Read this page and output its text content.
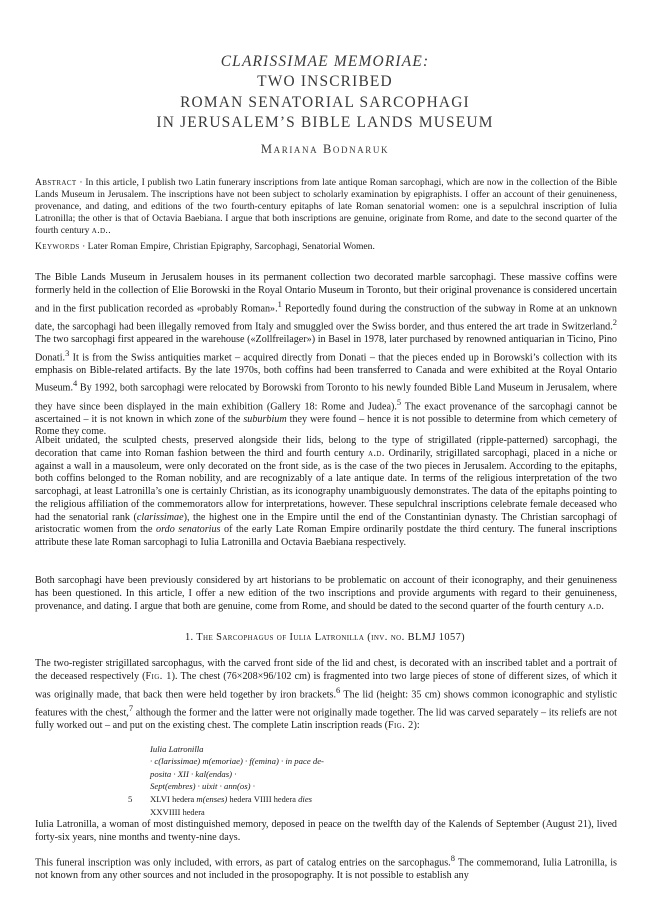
CLARISSIMAE MEMORIAE:
TWO INSCRIBED
ROMAN SENATORIAL SARCOPHAGI
IN JERUSALEM’S BIBLE LANDS MUSEUM
Mariana Bodnaruk
Abstract · In this article, I publish two Latin funerary inscriptions from late antique Roman sarcophagi, which are now in the collection of the Bible Lands Museum in Jerusalem. The inscriptions have not been subject to scholarly examination by epigraphists. I offer an account of their genuineness, provenance, and dating, and editions of the two fourth-century epitaphs of late Roman senatorial women: one is a sepulchral inscription of Iulia Latronilla; the other is that of Octavia Baebiana. I argue that both inscriptions are genuine, originate from Rome, and date to the second quarter of the fourth century a.d..
Keywords · Later Roman Empire, Christian Epigraphy, Sarcophagi, Senatorial Women.

The Bible Lands Museum in Jerusalem houses in its permanent collection two decorated marble sarcophagi. These massive coffins were formerly held in the collection of Elie Borowski in the Royal Ontario Museum in Toronto, but their original provenance is considered uncertain and in the first publication recorded as «probably Roman».$^1$ Reportedly found during the construction of the subway in Rome at an unknown date, the sarcophagi had been illegally removed from Italy and smuggled over the Swiss border, and thus entered the art trade in Switzerland.$^2$ The two sarcophagi first appeared in the warehouse («Zollfreilager») in Basel in 1978, later purchased by renowned antiquarian in Ticino, Pino Donati.$^3$ It is from the Swiss antiquities market – acquired directly from Donati – that the pieces ended up in Borowski’s collection with its emphasis on Bible-related artifacts. By the late 1970s, both coffins had been transferred to Canada and were exhibited at the Royal Ontario Museum.$^4$ By 1992, both sarcophagi were relocated by Borowski from Toronto to his newly founded Bible Land Museum in Jerusalem, where they have since been displayed in the main exhibition (Gallery 18: Rome and Judea).$^5$ The exact provenance of the sarcophagi cannot be ascertained – it is not known in which zone of the suburbium they were found – hence it is not possible to determine from which cemetery of Rome they come.

Albeit undated, the sculpted chests, preserved alongside their lids, belong to the type of strigillated (ripple-patterned) sarcophagi, the decoration that came into Roman fashion between the third and fourth century a.d. Ordinarily, strigillated sarcophagi, placed in a niche or against a wall in a mausoleum, were only decorated on the front side, as is the case of the two pieces in Jerusalem. According to the epitaphs, both coffins belonged to the Roman nobility, and are recognizably of a late antique date. In terms of the religious interpretation of the two sarcophagi, at least Latronilla’s one is certainly Christian, as its iconography unambiguously demonstrates. The data of the epitaphs pointing to the religious affiliation of the commemorators allow for interpretations, however. These sepulchral inscriptions celebrate female deceased who had the senatorial rank (clarissimae), the highest one in the Empire until the end of the Constantinian dynasty. The Christian sarcophagi of aristocratic women from the ordo senatorius of the early Late Roman Empire ordinarily postdate the third century. The funeral inscriptions attribute these late Roman sarcophagi to Iulia Latronilla and Octavia Baebiana respectively.

Both sarcophagi have been previously considered by art historians to be problematic on account of their iconography, and their genuineness has been questioned. In this article, I offer a new edition of the two inscriptions and provide arguments with regard to their genuineness, provenance, and dating. I argue that both are genuine, come from Rome, and should be dated to the second quarter of the fourth century a.d.

1. The Sarcophagus of Iulia Latronilla (inv. no. BLMJ 1057)

The two-register strigillated sarcophagus, with the carved front side of the lid and chest, is decorated with an inscribed tablet and a portrait of the deceased respectively (Fig. 1). The chest (76×208×96/102 cm) is fragmented into two large pieces of stone of different sizes, of which it was originally made, that back then were held together by iron brackets.$^6$ The lid (height: 35 cm) shows common iconographic and stylistic features with the chest,$^7$ although the former and the latter were not originally made together. The lid was carved separately – its reliefs are not fully worked out – and put on the existing chest. The complete Latin inscription reads (Fig. 2):

Iulia Latronilla
· c(larissimae) m(emoriae) · f(emina) · in pace de-
posita · XII · kal(endas) ·
Sept(embres) · uixit · ann(os) ·
5 XLVI hedera m(enses) hedera VIIII hedera dies
XXVIIII hedera

Iulia Latronilla, a woman of most distinguished memory, deposed in peace on the twelfth day of the Kalends of September (August 21), lived forty-six years, nine months and twenty-nine days.

This funeral inscription was only included, with errors, as part of catalog entries on the sarcophagus.$^8$ The commemorand, Iulia Latronilla, is not known from any other sources and not included in the prosopography. It is not possible to establish any
